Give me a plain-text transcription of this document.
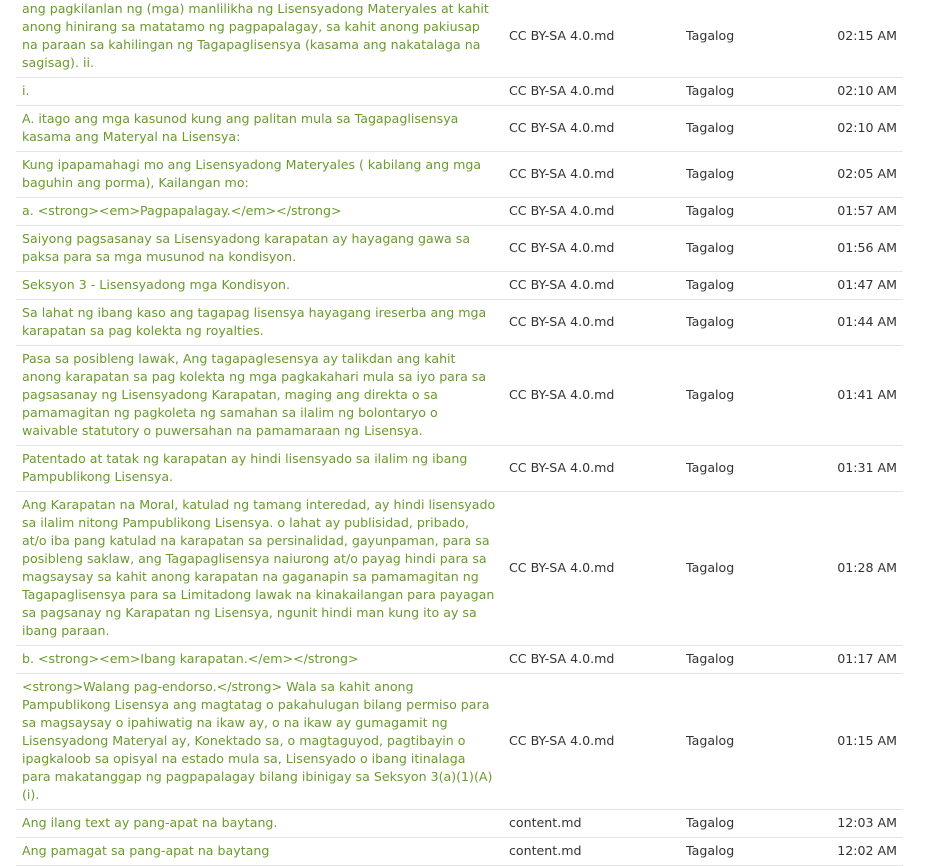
ang pagkilanlan ng (mga) manlilikha ng Lisensyadong Materyales at kahit anong hinirang sa matatamo ng pagpapalagay, sa kahit anong pakiusap na paraan sa kahilingan ng Tagapaglisensya (kasama ang nakatalaga na sagisag). ii.	CC BY-SA 4.0.md	Tagalog	02:15 AM
i.	CC BY-SA 4.0.md	Tagalog	02:10 AM
A. itago ang mga kasunod kung ang palitan mula sa Tagapaglisensya kasama ang Materyal na Lisensya:	CC BY-SA 4.0.md	Tagalog	02:10 AM
Kung ipapamahagi mo ang Lisensyadong Materyales ( kabilang ang mga baguhin ang porma), Kailangan mo:	CC BY-SA 4.0.md	Tagalog	02:05 AM
a. <strong><em>Pagpapalagay.</em></strong>	CC BY-SA 4.0.md	Tagalog	01:57 AM
Saiyong pagsasanay sa Lisensyadong karapatan ay hayagang gawa sa paksa para sa mga musunod na kondisyon.	CC BY-SA 4.0.md	Tagalog	01:56 AM
Seksyon 3 - Lisensyadong mga Kondisyon.	CC BY-SA 4.0.md	Tagalog	01:47 AM
Sa lahat ng ibang kaso ang tagapag lisensya hayagang ireserba ang mga karapatan sa pag kolekta ng royalties.	CC BY-SA 4.0.md	Tagalog	01:44 AM
Pasa sa posibleng lawak, Ang tagapaglesensya ay talikdan ang kahit anong karapatan sa pag kolekta ng mga pagkakahari mula sa iyo para sa pagsasanay ng Lisensyadong Karapatan, maging ang direkta o sa pamamagitan ng pagkoleta ng samahan sa ilalim ng bolontaryo o waivable statutory o puwersahan na pamamaraan ng Lisensya.	CC BY-SA 4.0.md	Tagalog	01:41 AM
Patentado at tatak ng karapatan ay hindi lisensyado sa ilalim ng ibang Pampublikong Lisensya.	CC BY-SA 4.0.md	Tagalog	01:31 AM
Ang Karapatan na Moral, katulad ng tamang interedad, ay hindi lisensyado sa ilalim nitong Pampublikong Lisensya. o lahat ay publisidad, pribado, at/o iba pang katulad na karapatan sa persinalidad, gayunpaman, para sa posibleng saklaw, ang Tagapaglisensya naiurong at/o payag hindi para sa magsaysay sa kahit anong karapatan na gaganapin sa pamamagitan ng Tagapaglisensya para sa Limitadong lawak na kinakailangan para payagan sa pagsanay ng Karapatan ng Lisensya, ngunit hindi man kung ito ay sa ibang paraan.	CC BY-SA 4.0.md	Tagalog	01:28 AM
b. <strong><em>Ibang karapatan.</em></strong>	CC BY-SA 4.0.md	Tagalog	01:17 AM
<strong>Walang pag-endorso.</strong> Wala sa kahit anong Pampublikong Lisensya ang magtatag o pakahulugan bilang permiso para sa magsaysay o ipahiwatig na ikaw ay, o na ikaw ay gumagamit ng Lisensyadong Materyal ay, Konektado sa, o magtaguyod, pagtibayin o ipagkaloob sa opisyal na estado mula sa, Lisensyado o ibang itinalaga para makatanggap ng pagpapalagay bilang ibinigay sa Seksyon 3(a)(1)(A)(i).	CC BY-SA 4.0.md	Tagalog	01:15 AM
Ang ilang text ay pang-apat na baytang.	content.md	Tagalog	12:03 AM
Ang pamagat sa pang-apat na baytang	content.md	Tagalog	12:02 AM
